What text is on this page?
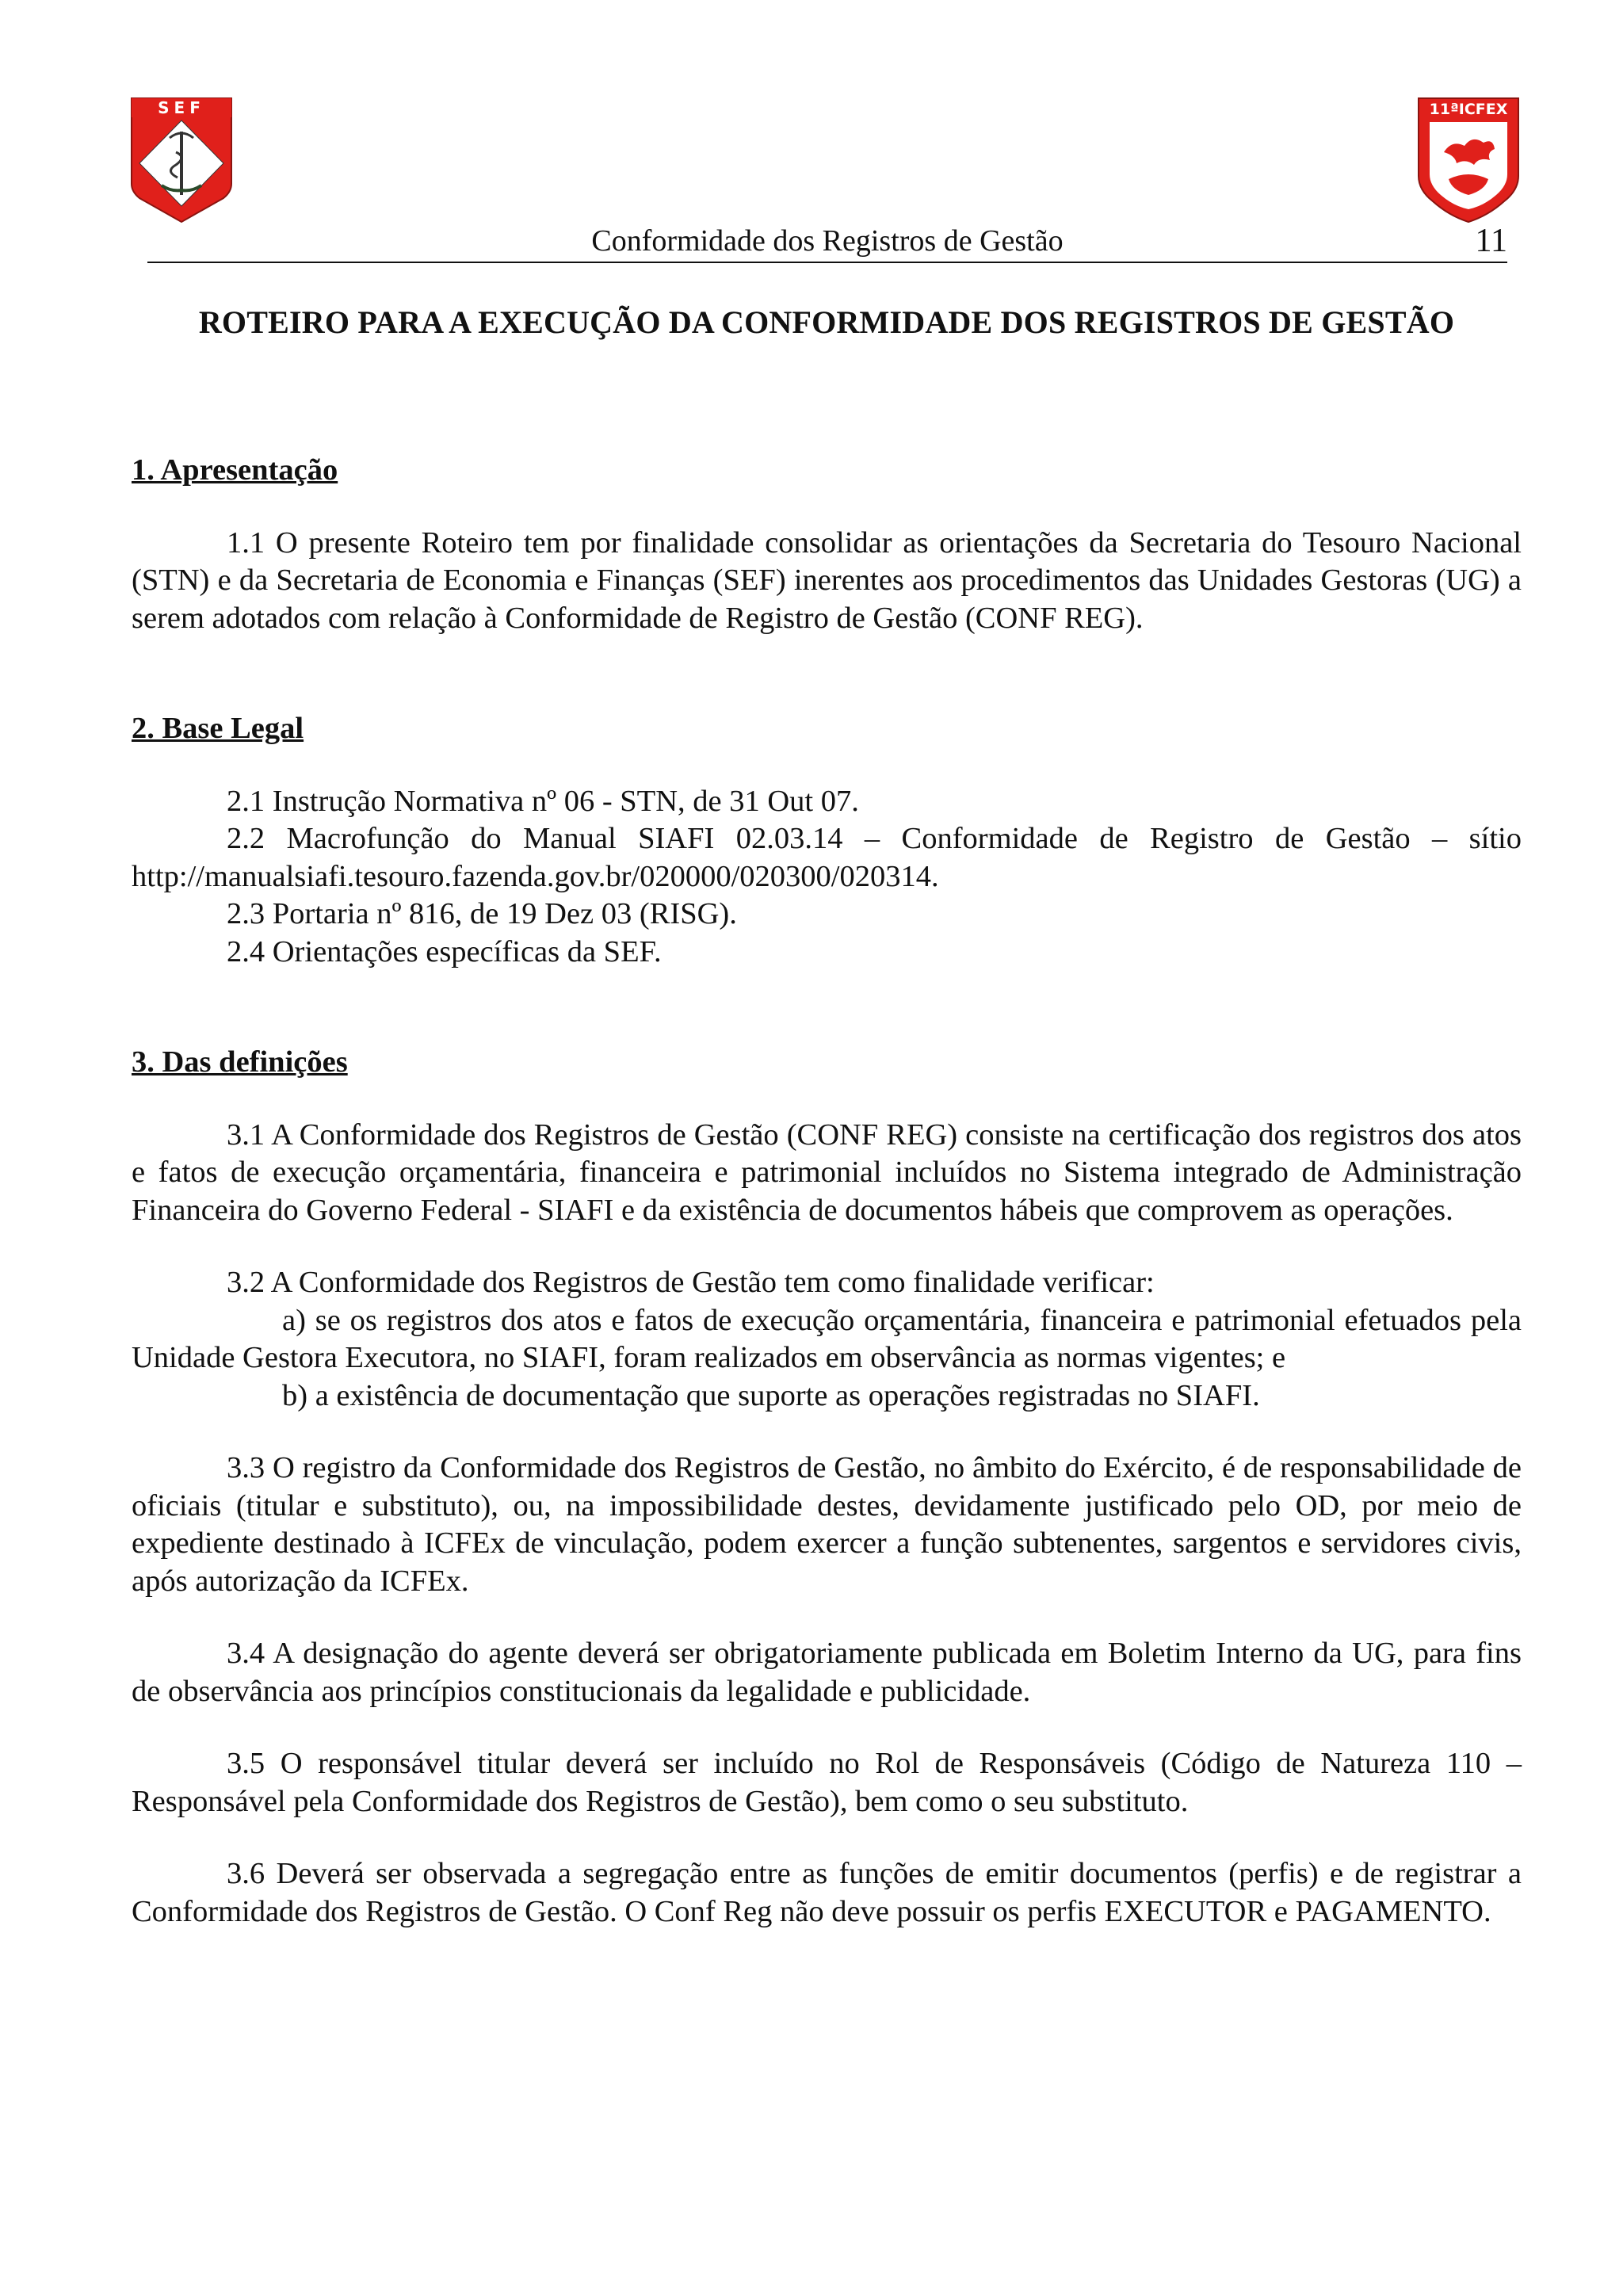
SEF	11ªICFEX
Conformidade dos Registros de Gestão	11
ROTEIRO PARA A EXECUÇÃO DA CONFORMIDADE DOS REGISTROS DE GESTÃO

1. Apresentação

1.1 O presente Roteiro tem por finalidade consolidar as orientações da Secretaria do Tesouro Nacional (STN) e da Secretaria de Economia e Finanças (SEF) inerentes aos procedimentos das Unidades Gestoras (UG) a serem adotados com relação à Conformidade de Registro de Gestão (CONF REG).

2. Base Legal

2.1 Instrução Normativa nº 06 - STN, de 31 Out 07.

2.2 Macrofunção do Manual SIAFI 02.03.14 – Conformidade de Registro de Gestão – sítio http://manualsiafi.tesouro.fazenda.gov.br/020000/020300/020314.

2.3 Portaria nº 816, de 19 Dez 03 (RISG).

2.4 Orientações específicas da SEF.

3. Das definições

3.1 A Conformidade dos Registros de Gestão (CONF REG) consiste na certificação dos registros dos atos e fatos de execução orçamentária, financeira e patrimonial incluídos no Sistema integrado de Administração Financeira do Governo Federal - SIAFI e da existência de documentos hábeis que comprovem as operações.

3.2 A Conformidade dos Registros de Gestão tem como finalidade verificar:

a) se os registros dos atos e fatos de execução orçamentária, financeira e patrimonial efetuados pela Unidade Gestora Executora, no SIAFI, foram realizados em observância as normas vigentes; e

b) a existência de documentação que suporte as operações registradas no SIAFI.

3.3 O registro da Conformidade dos Registros de Gestão, no âmbito do Exército, é de responsabilidade de oficiais (titular e substituto), ou, na impossibilidade destes, devidamente justificado pelo OD, por meio de expediente destinado à ICFEx de vinculação, podem exercer a função subtenentes, sargentos e servidores civis, após autorização da ICFEx.

3.4 A designação do agente deverá ser obrigatoriamente publicada em Boletim Interno da UG, para fins de observância aos princípios constitucionais da legalidade e publicidade.

3.5 O responsável titular deverá ser incluído no Rol de Responsáveis (Código de Natureza 110 – Responsável pela Conformidade dos Registros de Gestão), bem como o seu substituto.

3.6 Deverá ser observada a segregação entre as funções de emitir documentos (perfis) e de registrar a Conformidade dos Registros de Gestão. O Conf Reg não deve possuir os perfis EXECUTOR e PAGAMENTO.
